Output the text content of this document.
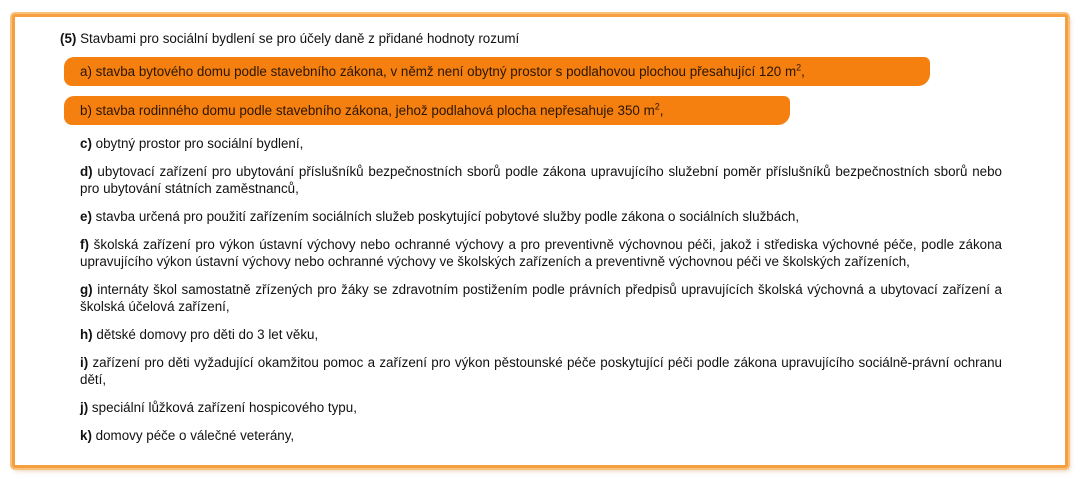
(5) Stavbami pro sociální bydlení se pro účely daně z přidané hodnoty rozumí

a) stavba bytového domu podle stavebního zákona, v němž není obytný prostor s podlahovou plochou přesahující 120 $m^2$,

b) stavba rodinného domu podle stavebního zákona, jehož podlahová plocha nepřesahuje 350 $m^2$,

c) obytný prostor pro sociální bydlení,

d) ubytovací zařízení pro ubytování příslušníků bezpečnostních sborů podle zákona upravujícího služební poměr příslušníků bezpečnostních sborů nebo pro ubytování státních zaměstnanců,

e) stavba určená pro použití zařízením sociálních služeb poskytující pobytové služby podle zákona o sociálních službách,

f) školská zařízení pro výkon ústavní výchovy nebo ochranné výchovy a pro preventivně výchovnou péči, jakož i střediska výchovné péče, podle zákona upravujícího výkon ústavní výchovy nebo ochranné výchovy ve školských zařízeních a preventivně výchovnou péči ve školských zařízeních,

g) internáty škol samostatně zřízených pro žáky se zdravotním postižením podle právních předpisů upravujících školská výchovná a ubytovací zařízení a školská účelová zařízení,

h) dětské domovy pro děti do 3 let věku,

i) zařízení pro děti vyžadující okamžitou pomoc a zařízení pro výkon pěstounské péče poskytující péči podle zákona upravujícího sociálně-právní ochranu dětí,

j) speciální lůžková zařízení hospicového typu,

k) domovy péče o válečné veterány,
